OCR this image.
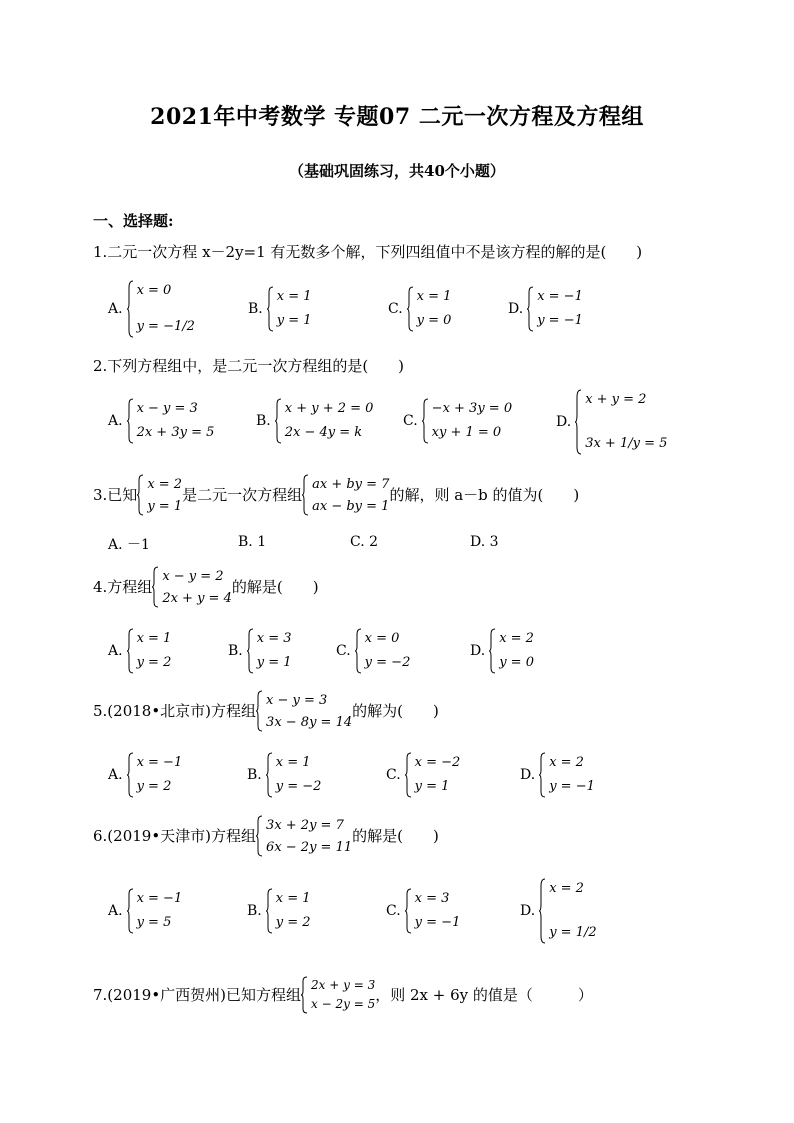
2021年中考数学 专题07 二元一次方程及方程组
（基础巩固练习，共40个小题）
一、选择题:
1.二元一次方程 x－2y=1 有无数多个解，下列四组值中不是该方程的解的是(　　)
A.
x = 0
y = −1/2
B.
x = 1
y = 1
C.
x = 1
y = 0
D.
x = −1
y = −1
2.下列方程组中，是二元一次方程组的是(　　)
A.
x − y = 3
2x + 3y = 5
B.
x + y + 2 = 0
2x − 4y = k
C.
−x + 3y = 0
xy + 1 = 0
D.
x + y = 2
3x + 1/y = 5
3.已知
x = 2
y = 1
是二元一次方程组
ax + by = 7
ax − by = 1
的解，则 a－b 的值为(　　)
A. －1	B. 1	C. 2	D. 3
4.方程组
x − y = 2
2x + y = 4
的解是(　　)
A.
x = 1
y = 2
B.
x = 3
y = 1
C.
x = 0
y = −2
D.
x = 2
y = 0
5.(2018•北京市)方程组
x − y = 3
3x − 8y = 14
的解为(　　)
A.
x = −1
y = 2
B.
x = 1
y = −2
C.
x = −2
y = 1
D.
x = 2
y = −1
6.(2019•天津市)方程组
3x + 2y = 7
6x − 2y = 11
的解是(　　)
A.
x = −1
y = 5
B.
x = 1
y = 2
C.
x = 3
y = −1
D.
x = 2
y = 1/2
7.(2019•广西贺州)已知方程组
2x + y = 3
x − 2y = 5 ，则 2x + 6y 的值是（　　　）
